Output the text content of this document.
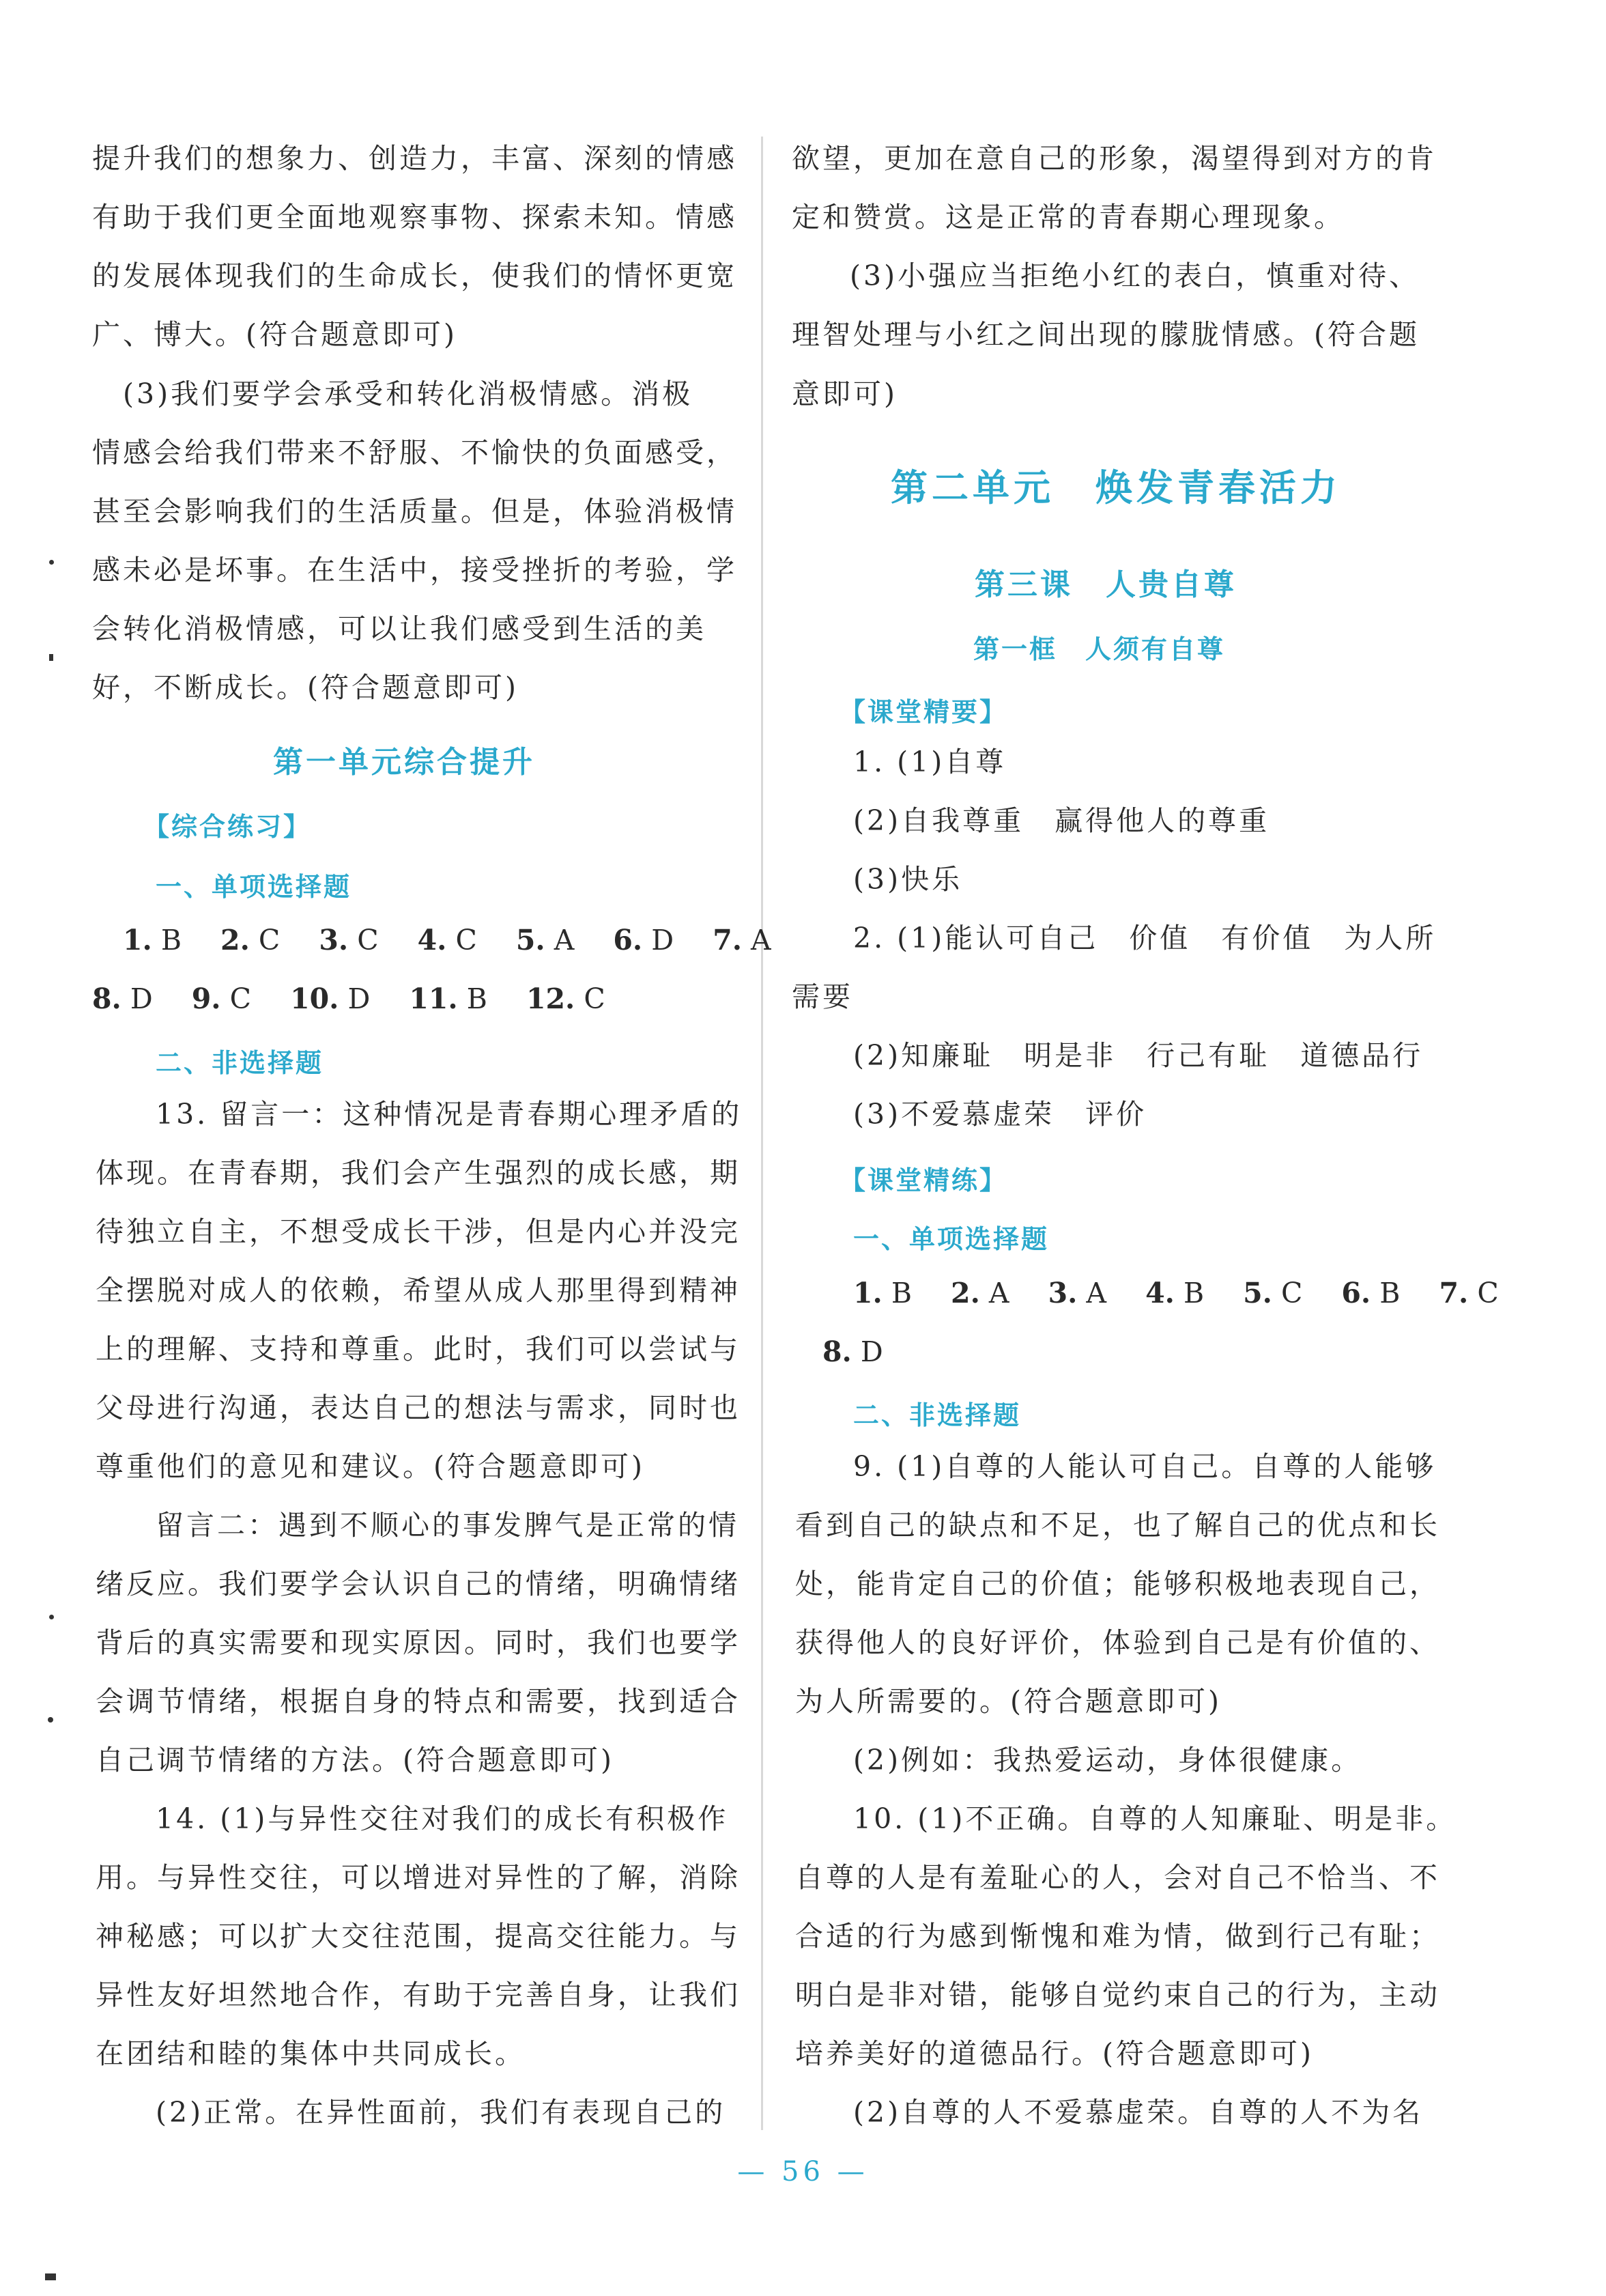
提升我们的想象力、创造力，丰富、深刻的情感
有助于我们更全面地观察事物、探索未知。情感
的发展体现我们的生命成长，使我们的情怀更宽
广、博大。(符合题意即可)
(3)我们要学会承受和转化消极情感。消极
情感会给我们带来不舒服、不愉快的负面感受，
甚至会影响我们的生活质量。但是，体验消极情
感未必是坏事。在生活中，接受挫折的考验，学
会转化消极情感，可以让我们感受到生活的美
好，不断成长。(符合题意即可)
第一单元综合提升
【综合练习】
一、单项选择题
1. B 2. C 3. C 4. C 5. A 6. D 7. A
8. D 9. C 10. D 11. B 12. C
二、非选择题
13. 留言一：这种情况是青春期心理矛盾的
体现。在青春期，我们会产生强烈的成长感，期
待独立自主，不想受成长干涉，但是内心并没完
全摆脱对成人的依赖，希望从成人那里得到精神
上的理解、支持和尊重。此时，我们可以尝试与
父母进行沟通，表达自己的想法与需求，同时也
尊重他们的意见和建议。(符合题意即可)
留言二：遇到不顺心的事发脾气是正常的情
绪反应。我们要学会认识自己的情绪，明确情绪
背后的真实需要和现实原因。同时，我们也要学
会调节情绪，根据自身的特点和需要，找到适合
自己调节情绪的方法。(符合题意即可)
14. (1)与异性交往对我们的成长有积极作
用。与异性交往，可以增进对异性的了解，消除
神秘感；可以扩大交往范围，提高交往能力。与
异性友好坦然地合作，有助于完善自身，让我们
在团结和睦的集体中共同成长。
(2)正常。在异性面前，我们有表现自己的
欲望，更加在意自己的形象，渴望得到对方的肯
定和赞赏。这是正常的青春期心理现象。
(3)小强应当拒绝小红的表白，慎重对待、
理智处理与小红之间出现的朦胧情感。(符合题
意即可)
第二单元　焕发青春活力
第三课　人贵自尊
第一框　人须有自尊
【课堂精要】
1. (1)自尊
(2)自我尊重　赢得他人的尊重
(3)快乐
2. (1)能认可自己　价值　有价值　为人所
需要
(2)知廉耻　明是非　行己有耻　道德品行
(3)不爱慕虚荣　评价
【课堂精练】
一、单项选择题
1. B 2. A 3. A 4. B 5. C 6. B 7. C
8. D
二、非选择题
9. (1)自尊的人能认可自己。自尊的人能够
看到自己的缺点和不足，也了解自己的优点和长
处，能肯定自己的价值；能够积极地表现自己，
获得他人的良好评价，体验到自己是有价值的、
为人所需要的。(符合题意即可)
(2)例如：我热爱运动，身体很健康。
10. (1)不正确。自尊的人知廉耻、明是非。
自尊的人是有羞耻心的人，会对自己不恰当、不
合适的行为感到惭愧和难为情，做到行己有耻；
明白是非对错，能够自觉约束自己的行为，主动
培养美好的道德品行。(符合题意即可)
(2)自尊的人不爱慕虚荣。自尊的人不为名
— 56 —
